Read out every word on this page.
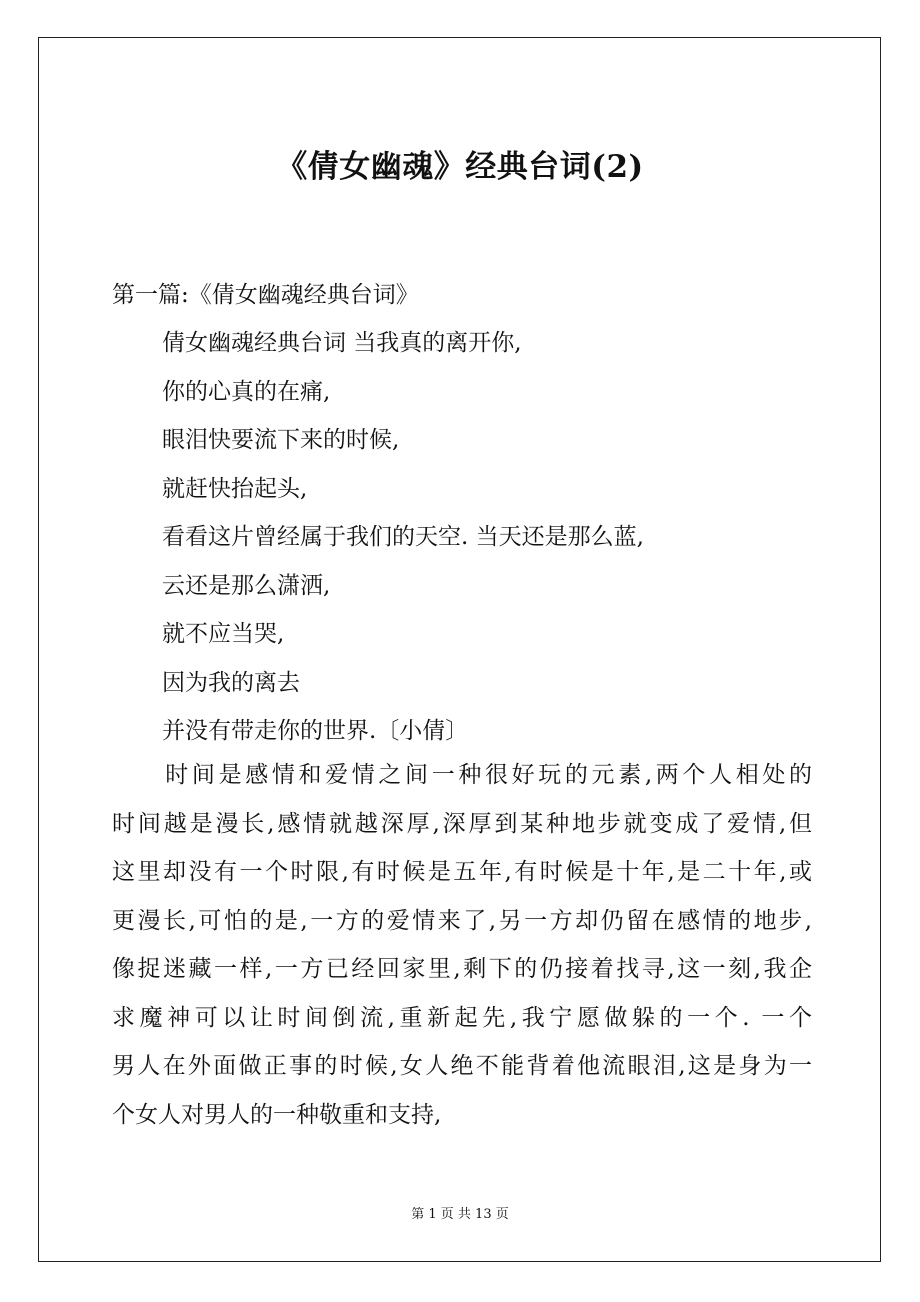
《倩女幽魂》经典台词(2)
第一篇:《倩女幽魂经典台词》
倩女幽魂经典台词 当我真的离开你,
你的心真的在痛,
眼泪快要流下来的时候,
就赶快抬起头,
看看这片曾经属于我们的天空. 当天还是那么蓝,
云还是那么潇洒,
就不应当哭,
因为我的离去
并没有带走你的世界.〔小倩〕
　　时间是感情和爱情之间一种很好玩的元素,两个人相处的
时间越是漫长,感情就越深厚,深厚到某种地步就变成了爱情,但
这里却没有一个时限,有时候是五年,有时候是十年,是二十年,或
更漫长,可怕的是,一方的爱情来了,另一方却仍留在感情的地步,
像捉迷藏一样,一方已经回家里,剩下的仍接着找寻,这一刻,我企
求魔神可以让时间倒流,重新起先,我宁愿做躲的一个. 一个
男人在外面做正事的时候,女人绝不能背着他流眼泪,这是身为一
个女人对男人的一种敬重和支持,
第 1 页 共 13 页
